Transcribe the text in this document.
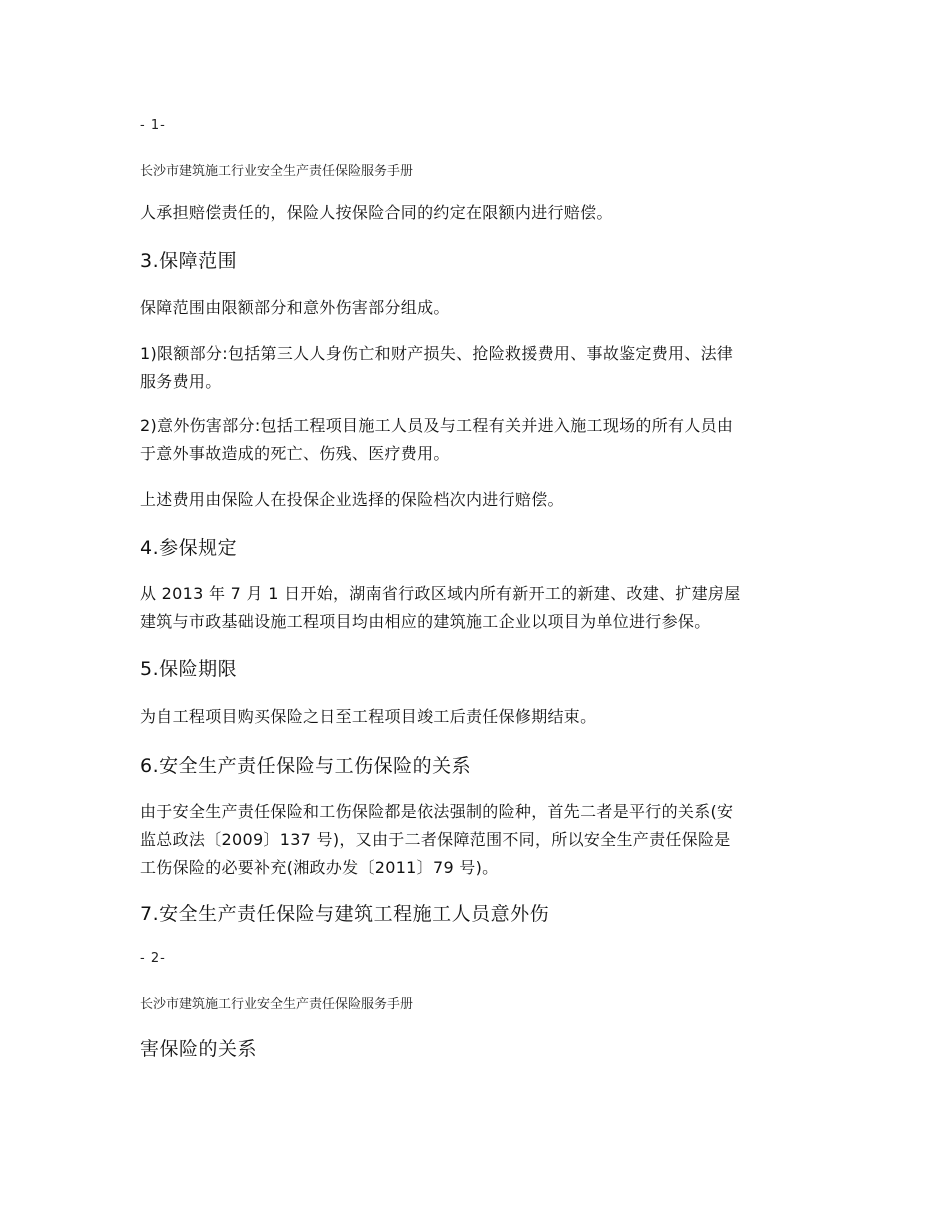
- 1-
长沙市建筑施工行业安全生产责任保险服务手册
人承担赔偿责任的，保险人按保险合同的约定在限额内进行赔偿。
3.保障范围
保障范围由限额部分和意外伤害部分组成。
1)限额部分:包括第三人人身伤亡和财产损失、抢险救援费用、事故鉴定费用、法律
服务费用。
2)意外伤害部分:包括工程项目施工人员及与工程有关并进入施工现场的所有人员由
于意外事故造成的死亡、伤残、医疗费用。
上述费用由保险人在投保企业选择的保险档次内进行赔偿。
4.参保规定
从 2013 年 7 月 1 日开始，湖南省行政区域内所有新开工的新建、改建、扩建房屋
建筑与市政基础设施工程项目均由相应的建筑施工企业以项目为单位进行参保。
5.保险期限
为自工程项目购买保险之日至工程项目竣工后责任保修期结束。
6.安全生产责任保险与工伤保险的关系
由于安全生产责任保险和工伤保险都是依法强制的险种，首先二者是平行的关系(安
监总政法〔2009〕137 号)，又由于二者保障范围不同，所以安全生产责任保险是
工伤保险的必要补充(湘政办发〔2011〕79 号)。
7.安全生产责任保险与建筑工程施工人员意外伤
- 2-
长沙市建筑施工行业安全生产责任保险服务手册
害保险的关系
